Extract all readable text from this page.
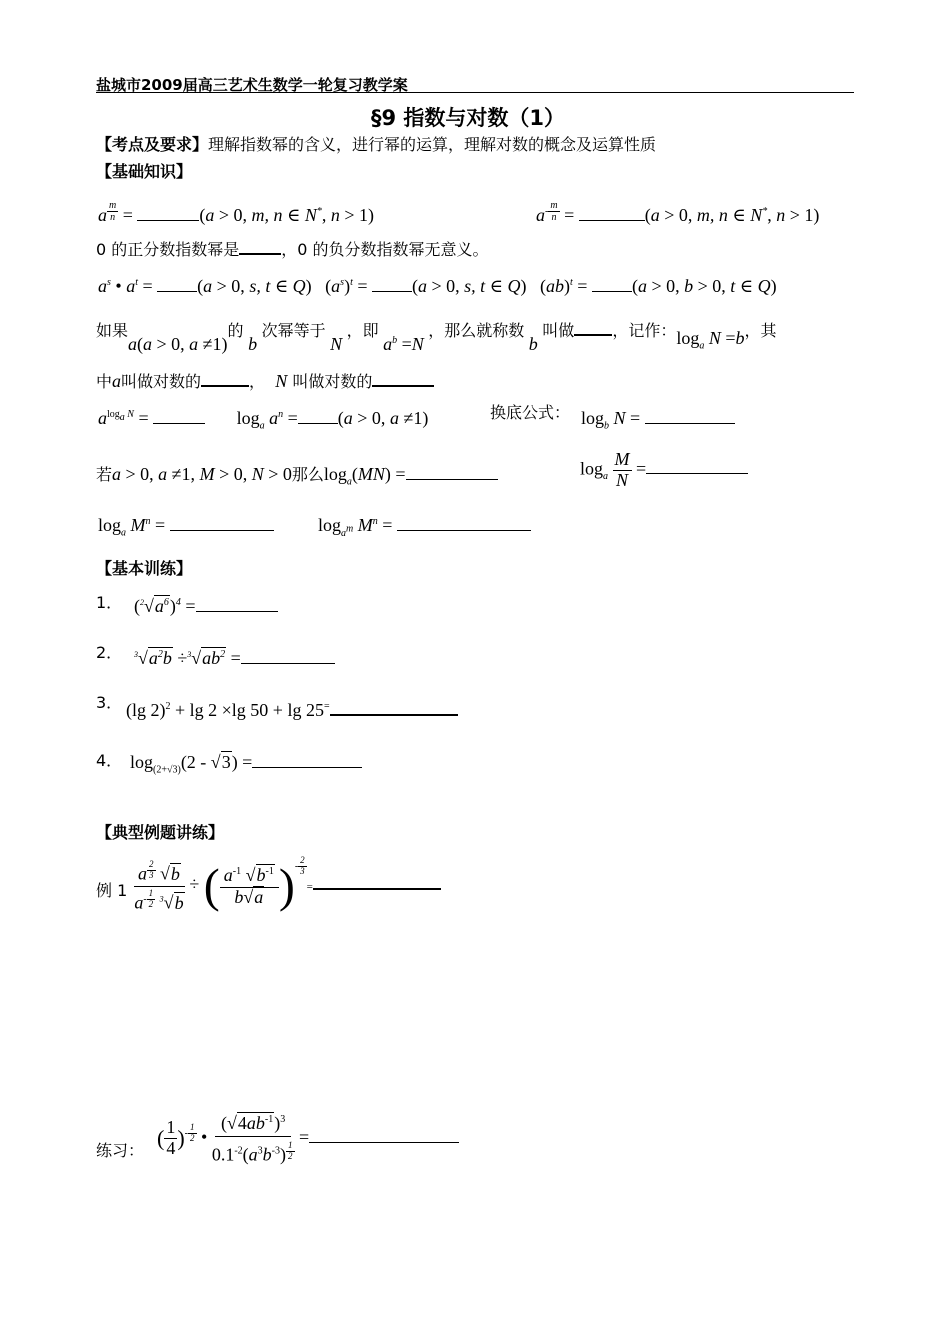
盐城市2009届高三艺术生数学一轮复习教学案
§9 指数与对数（1）
【考点及要求】理解指数幂的含义，进行幂的运算，理解对数的概念及运算性质
【基础知识】
a $^{\frac{m}{n}}$ =	(a > 0, m, n ∈ N*, n > 1)	$a^{- \frac{m}{n}}$ =	(a > 0, m, n ∈ N*, n > 1)
0 的正分数指数幂是	，0 的负分数指数幂无意义。
$a^s$ • $a^t = (a > 0$, s, t ∈ Q) $(a^s)^t = (a > 0$, s, t ∈ Q) (ab)$^t$ = (a > 0, b > 0, t ∈ Q)
如果a(a > 0, a ≠1)的 b 次幂等于 N ，即 $a^b =N$ ，那么就称数 b 叫做 ，记作：$\log_a N =b$，其
中a叫做对数的	， N 叫做对数的
$a^{log_a N}$ =	$\log_a a^n = (a > 0$, a ≠1)	换底公式： $\log_b N$ =
若a > 0, a ≠1, M > 0, N > 0那么$\log_a(MN)$ =	$\log_a \frac{M}{N}$ =
$\log_a M^n$ =	$\log_{a^m} M^n$ =
【基本训练】
1． $(^2√a^6)^4$ =
2． $^3√a^2b \div^3√ab^2$ =
3． (lg 2)$^2$ + lg 2 ×lg 50 + lg 25=
4． $\log_{(2+√3)}(2 - √3)$ =
【典型例题讲练】
例 1 a $^{\frac{2}{3}}$ √b
$a^{- \frac{1}{2}}$ $^3$√b ÷ ( $\frac{a^{-1} √b^{-1}}{b√a} )^{- \frac{2}{3}}$
=
练习： ( $\frac{1}{4} )^{- \frac{1}{2}}$ • $(√4ab^{-1})^3$
$0.1^{-2}(a^3b^{-3}) ^{\frac{1}{2}}$ =
